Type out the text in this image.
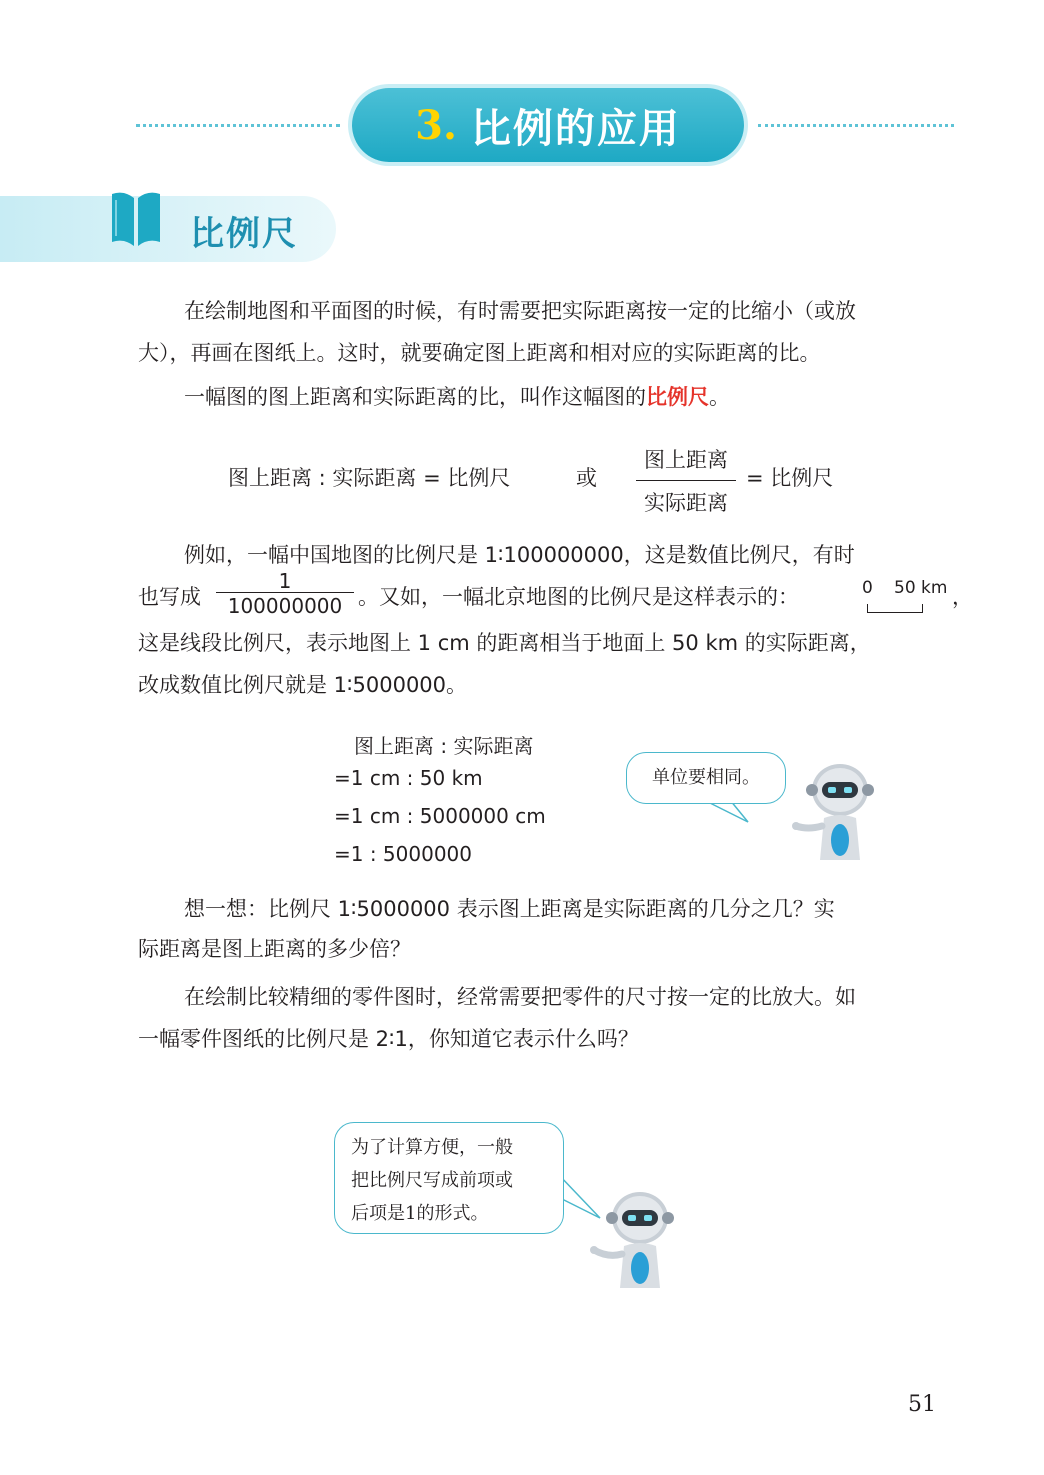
3. 比例的应用
比例尺
在绘制地图和平面图的时候，有时需要把实际距离按一定的比缩小（或放
大），再画在图纸上。这时，就要确定图上距离和相对应的实际距离的比。
一幅图的图上距离和实际距离的比，叫作这幅图的比例尺。
图上距离 : 实际距离 = 比例尺	或
图上距离
实际距离
= 比例尺
例如，一幅中国地图的比例尺是 1∶100000000，这是数值比例尺，有时
也写成
1
100000000 。又如，一幅北京地图的比例尺是这样表示的：	0 50 km ，
这是线段比例尺，表示地图上 1 cm 的距离相当于地面上 50 km 的实际距离，
改成数值比例尺就是 1∶5000000。
图上距离 : 实际距离
=1 cm : 50 km
=1 cm : 5000000 cm
=1 : 5000000
单位要相同。
想一想：比例尺 1∶5000000 表示图上距离是实际距离的几分之几？实
际距离是图上距离的多少倍？
在绘制比较精细的零件图时，经常需要把零件的尺寸按一定的比放大。如
一幅零件图纸的比例尺是 2∶1，你知道它表示什么吗？
为了计算方便，一般
把比例尺写成前项或
后项是1的形式。
51
